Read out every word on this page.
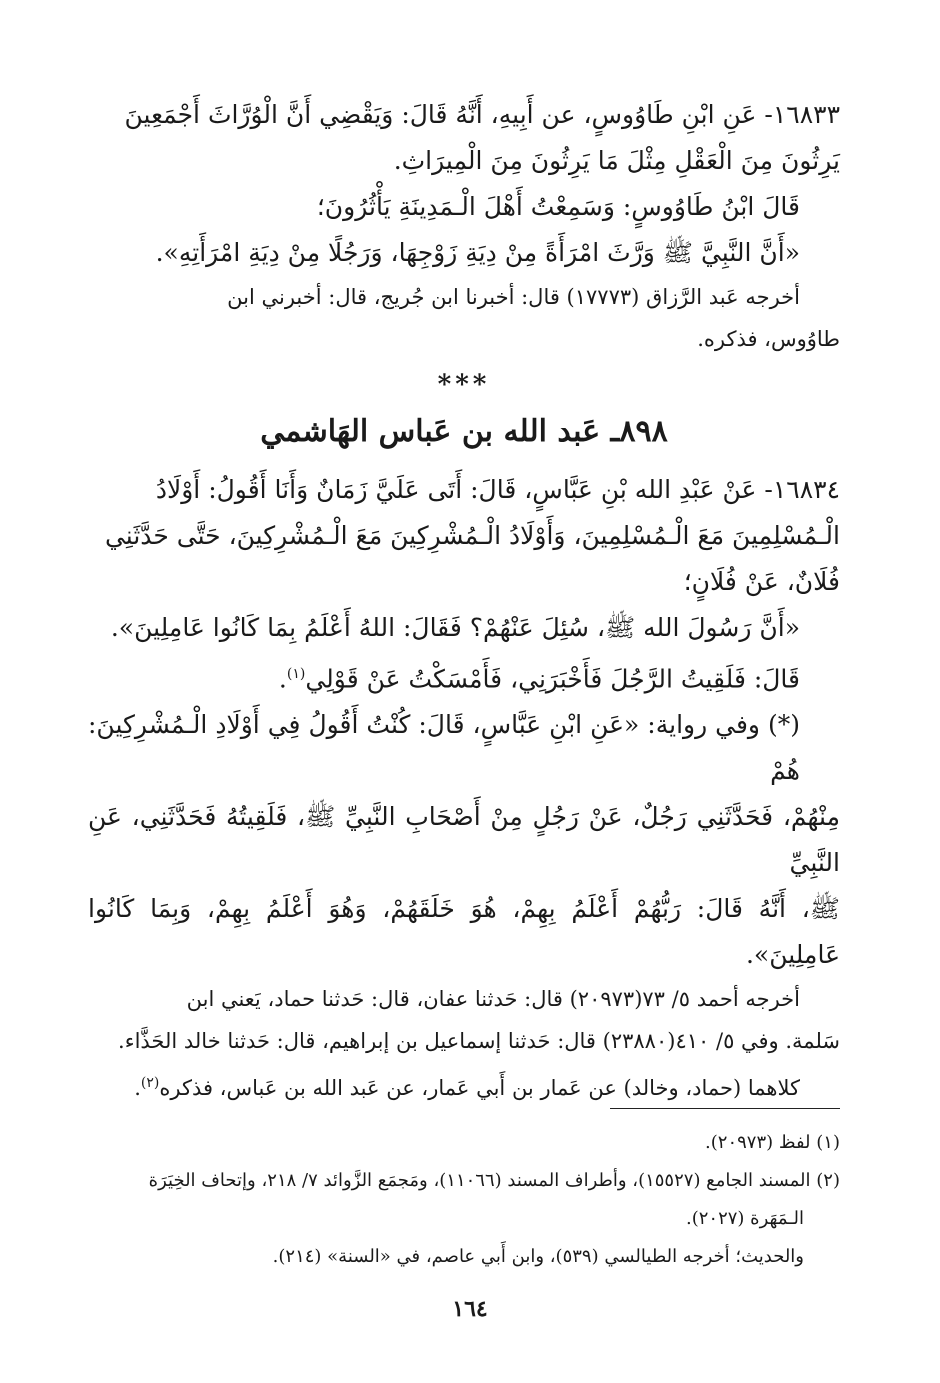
١٦٨٣٣- عَنِ ابْنِ طَاوُوسٍ، عن أَبِيهِ، أَنَّهُ قَالَ: وَيَقْضِي أَنَّ الْوُرَّاثَ أَجْمَعِينَ

يَرِثُونَ مِنَ الْعَقْلِ مِثْلَ مَا يَرِثُونَ مِنَ الْمِيرَاثِ.

قَالَ ابْنُ طَاوُوسٍ: وَسَمِعْتُ أَهْلَ الْـمَدِينَةِ يَأْثُرُونَ؛

«أَنَّ النَّبِيَّ ﷺ وَرَّثَ امْرَأَةً مِنْ دِيَةِ زَوْجِهَا، وَرَجُلًا مِنْ دِيَةِ امْرَأَتِهِ».

أخرجه عَبد الرَّزاق (١٧٧٧٣) قال: أخبرنا ابن جُريج، قال: أخبرني ابن

طاوُوس، فذكره.

***
٨٩٨ـ عَبد الله بن عَباس الهَاشمي

١٦٨٣٤- عَنْ عَبْدِ الله بْنِ عَبَّاسٍ، قَالَ: أَتَى عَلَيَّ زَمَانٌ وَأَنَا أَقُولُ: أَوْلَادُ

الْـمُسْلِمِينَ مَعَ الْـمُسْلِمِينَ، وَأَوْلَادُ الْـمُشْرِكِينَ مَعَ الْـمُشْرِكِينَ، حَتَّى حَدَّثَنِي

فُلَانٌ، عَنْ فُلَانٍ؛

«أَنَّ رَسُولَ الله ﷺ، سُئِلَ عَنْهُمْ؟ فَقَالَ: اللهُ أَعْلَمُ بِمَا كَانُوا عَامِلِينَ».

قَالَ: فَلَقِيتُ الرَّجُلَ فَأَخْبَرَنِي، فَأَمْسَكْتُ عَنْ قَوْلِي$^{(١)}$.

(*) وفي رواية: «عَنِ ابْنِ عَبَّاسٍ، قَالَ: كُنْتُ أَقُولُ فِي أَوْلَادِ الْـمُشْرِكِينَ: هُمْ

مِنْهُمْ، فَحَدَّثَنِي رَجُلٌ، عَنْ رَجُلٍ مِنْ أَصْحَابِ النَّبِيِّ ﷺ، فَلَقِيتُهُ فَحَدَّثَنِي، عَنِ النَّبِيِّ

ﷺ، أَنَّهُ قَالَ: رَبُّهُمْ أَعْلَمُ بِهِمْ، هُوَ خَلَقَهُمْ، وَهُوَ أَعْلَمُ بِهِمْ، وَبِمَا كَانُوا عَامِلِينَ».

أخرجه أحمد ٥/ ٧٣(٢٠٩٧٣) قال: حَدثنا عفان، قال: حَدثنا حماد، يَعني ابن

سَلمة. وفي ٥/ ٤١٠(٢٣٨٨٠) قال: حَدثنا إسماعيل بن إبراهيم، قال: حَدثنا خالد الحَذَّاء.

كلاهما (حماد، وخالد) عن عَمار بن أَبي عَمار، عن عَبد الله بن عَباس، فذكره$^{(٢)}$.

(١) لفظ (٢٠٩٧٣).

(٢) المسند الجامع (١٥٥٢٧)، وأطراف المسند (١١٠٦٦)، ومَجمَع الزَّوائد ٧/ ٢١٨، وإتحاف الخِيَرَة

الـمَهَرة (٢٠٢٧).

والحديث؛ أخرجه الطيالسي (٥٣٩)، وابن أَبي عاصم، في «السنة» (٢١٤).

١٦٤
